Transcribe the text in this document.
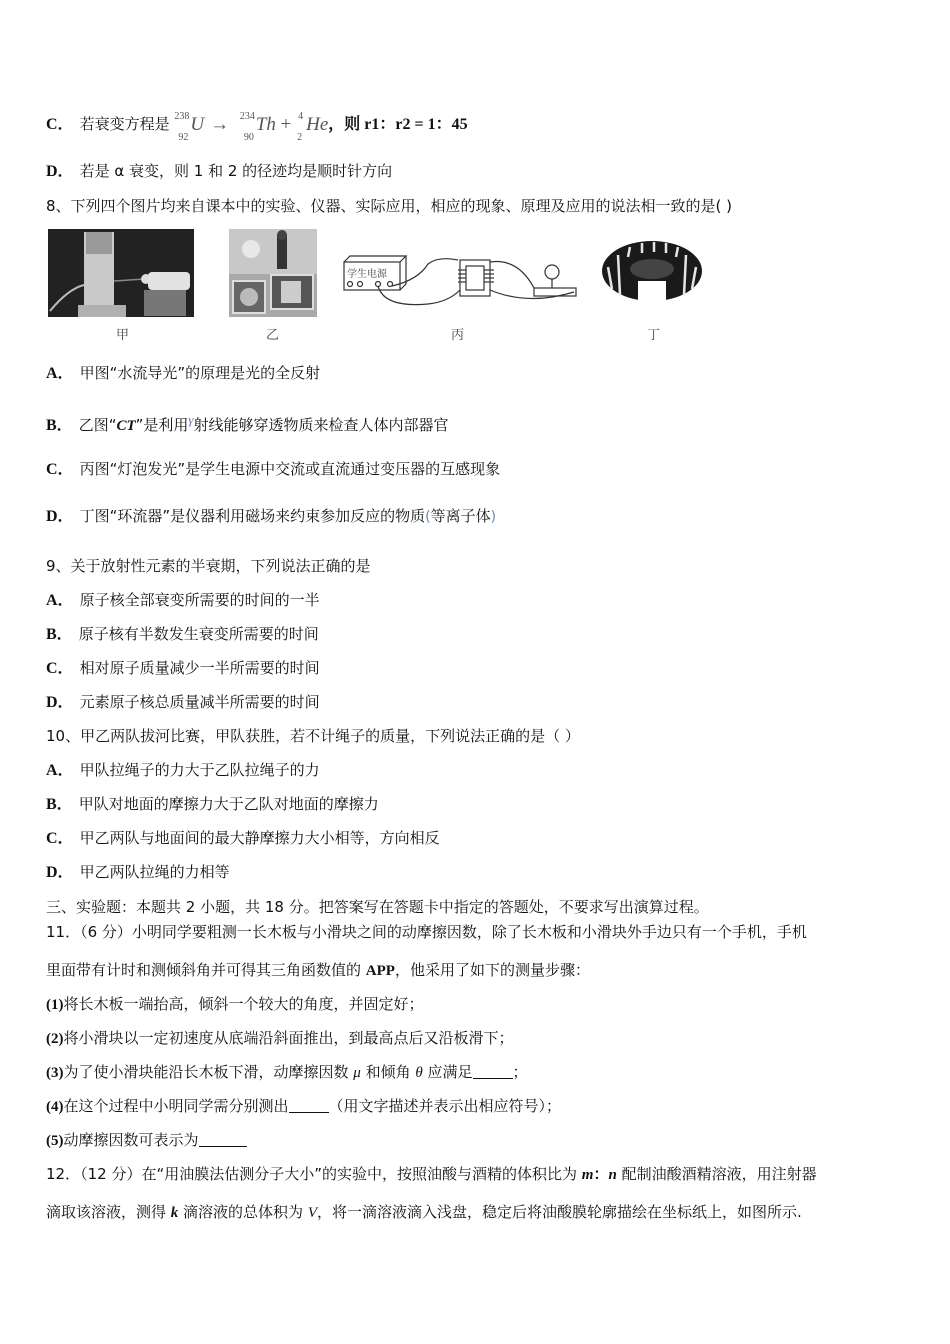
C． 若衰变方程是 238
92
U → 234
90
Th + 4
2
He，则 r1：r2 = 1：45
D． 若是 α 衰变，则 1 和 2 的径迹均是顺时针方向
8、下列四个图片均来自课本中的实验、仪器、实际应用，相应的现象、原理及应用的说法相一致的是( )
甲	乙
学生电源
丙	丁
A． 甲图“水流导光”的原理是光的全反射
B． 乙图“CT”是利用γ射线能够穿透物质来检查人体内部器官
C． 丙图“灯泡发光”是学生电源中交流或直流通过变压器的互感现象
D． 丁图“环流器”是仪器利用磁场来约束参加反应的物质(等离子体)
9、关于放射性元素的半衰期，下列说法正确的是
A． 原子核全部衰变所需要的时间的一半
B． 原子核有半数发生衰变所需要的时间
C． 相对原子质量减少一半所需要的时间
D． 元素原子核总质量减半所需要的时间
10、甲乙两队拔河比赛，甲队获胜，若不计绳子的质量，下列说法正确的是（ ）
A． 甲队拉绳子的力大于乙队拉绳子的力
B． 甲队对地面的摩擦力大于乙队对地面的摩擦力
C． 甲乙两队与地面间的最大静摩擦力大小相等，方向相反
D． 甲乙两队拉绳的力相等
三、实验题：本题共 2 小题，共 18 分。把答案写在答题卡中指定的答题处，不要求写出演算过程。
11．（6 分）小明同学要粗测一长木板与小滑块之间的动摩擦因数，除了长木板和小滑块外手边只有一个手机，手机
里面带有计时和测倾斜角并可得其三角函数值的 APP，他采用了如下的测量步骤：
(1)将长木板一端抬高，倾斜一个较大的角度，并固定好；
(2)将小滑块以一定初速度从底端沿斜面推出，到最高点后又沿板滑下；
(3)为了使小滑块能沿长木板下滑，动摩擦因数 μ 和倾角 θ 应满足	；
(4)在这个过程中小明同学需分别测出	（用文字描述并表示出相应符号）；
(5)动摩擦因数可表示为
12．（12 分）在“用油膜法估测分子大小”的实验中，按照油酸与酒精的体积比为 m：n 配制油酸酒精溶液，用注射器
滴取该溶液，测得 k 滴溶液的总体积为 V，将一滴溶液滴入浅盘，稳定后将油酸膜轮廓描绘在坐标纸上，如图所示.
